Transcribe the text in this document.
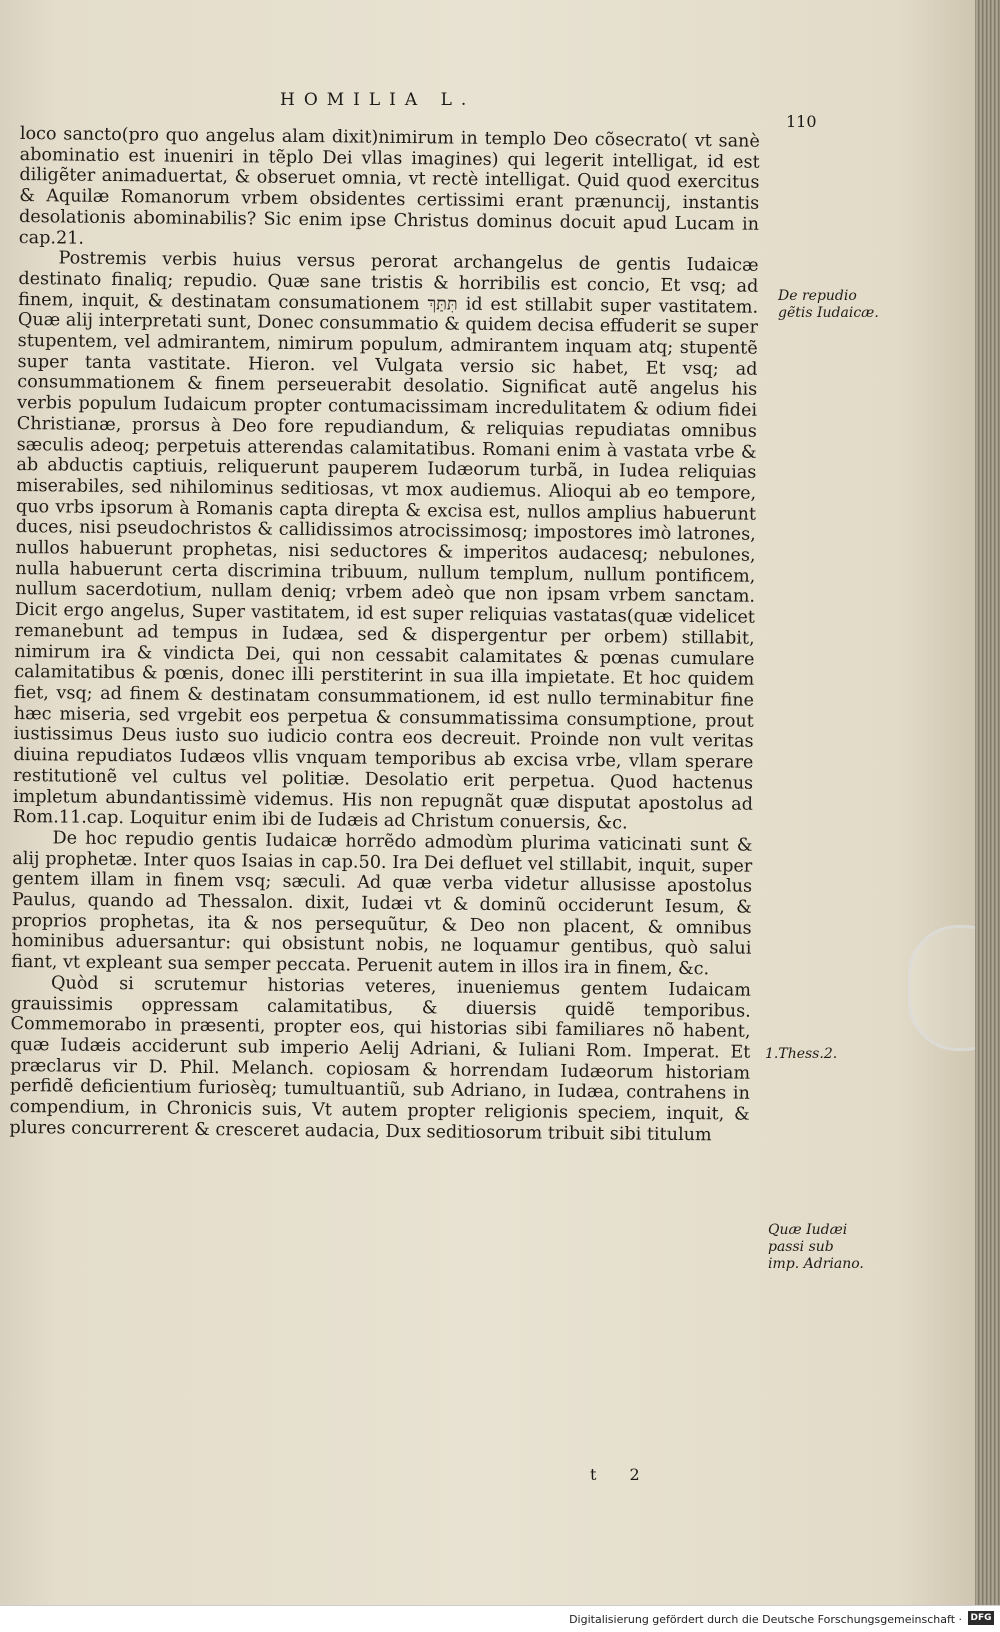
HOMILIA L.
110

loco sancto(pro quo angelus alam dixit)nimirum in templo Deo cõsecrato( vt sanè abominatio est inueniri in tẽplo Dei vllas imagines) qui legerit intelligat, id est diligẽter animaduertat, & obseruet omnia, vt rectè intelligat. Quid quod exercitus & Aquilæ Romanorum vrbem obsidentes certissimi erant prænuncij, instantis desolationis abominabilis? Sic enim ipse Christus dominus docuit apud Lucam in cap.21.

Postremis verbis huius versus perorat archangelus de gentis Iudaicæ destinato finaliq; repudio. Quæ sane tristis & horribilis est concio, Et vsq; ad finem, inquit, & destinatam consumationem תִּתַּךְ id est stillabit super vastitatem. Quæ alij interpretati sunt, Donec consummatio & quidem decisa effuderit se super stupentem, vel admirantem, nimirum populum, admirantem inquam atq; stupentẽ super tanta vastitate. Hieron. vel Vulgata versio sic habet, Et vsq; ad consummationem & finem perseuerabit desolatio. Significat autẽ angelus his verbis populum Iudaicum propter contumacissimam incredulitatem & odium fidei Christianæ, prorsus à Deo fore repudiandum, & reliquias repudiatas omnibus sæculis adeoq; perpetuis atterendas calamitatibus. Romani enim à vastata vrbe & ab abductis captiuis, reliquerunt pauperem Iudæorum turbã, in Iudea reliquias miserabiles, sed nihilominus seditiosas, vt mox audiemus. Alioqui ab eo tempore, quo vrbs ipsorum à Romanis capta direpta & excisa est, nullos amplius habuerunt duces, nisi pseudochristos & callidissimos atrocissimosq; impostores imò latrones, nullos habuerunt prophetas, nisi seductores & imperitos audacesq; nebulones, nulla habuerunt certa discrimina tribuum, nullum templum, nullum pontificem, nullum sacerdotium, nullam deniq; vrbem adeò que non ipsam vrbem sanctam. Dicit ergo angelus, Super vastitatem, id est super reliquias vastatas(quæ videlicet remanebunt ad tempus in Iudæa, sed & dispergentur per orbem) stillabit, nimirum ira & vindicta Dei, qui non cessabit calamitates & pœnas cumulare calamitatibus & pœnis, donec illi perstiterint in sua illa impietate. Et hoc quidem fiet, vsq; ad finem & destinatam consummationem, id est nullo terminabitur fine hæc miseria, sed vrgebit eos perpetua & consummatissima consumptione, prout iustissimus Deus iusto suo iudicio contra eos decreuit. Proinde non vult veritas diuina repudiatos Iudæos vllis vnquam temporibus ab excisa vrbe, vllam sperare restitutionẽ vel cultus vel politiæ. Desolatio erit perpetua. Quod hactenus impletum abundantissimè videmus. His non repugnãt quæ disputat apostolus ad Rom.11.cap. Loquitur enim ibi de Iudæis ad Christum conuersis, &c.

De hoc repudio gentis Iudaicæ horrẽdo admodùm plurima vaticinati sunt & alij prophetæ. Inter quos Isaias in cap.50. Ira Dei defluet vel stillabit, inquit, super gentem illam in finem vsq; sæculi. Ad quæ verba videtur allusisse apostolus Paulus, quando ad Thessalon. dixit, Iudæi vt & dominũ occiderunt Iesum, & proprios prophetas, ita & nos persequũtur, & Deo non placent, & omnibus hominibus aduersantur: qui obsistunt nobis, ne loquamur gentibus, quò salui fiant, vt expleant sua semper peccata. Peruenit autem in illos ira in finem, &c.

Quòd si scrutemur historias veteres, inueniemus gentem Iudaicam grauissimis oppressam calamitatibus, & diuersis quidẽ temporibus. Commemorabo in præsenti, propter eos, qui historias sibi familiares nõ habent, quæ Iudæis acciderunt sub imperio Aelij Adriani, & Iuliani Rom. Imperat. Et præclarus vir D. Phil. Melanch. copiosam & horrendam Iudæorum historiam perfidẽ deficientium furiosèq; tumultuantiũ, sub Adriano, in Iudæa, contrahens in compendium, in Chronicis suis, Vt autem propter religionis speciem, inquit, & plures concurrerent & cresceret audacia, Dux seditiosorum tribuit sibi titulum

De repudio gẽtis Iudaicæ.
1.Thess.2.
Quæ Iudæi passi sub imp. Adriano.
t 2
Digitalisierung gefördert durch die Deutsche Forschungsgemeinschaft · DFG
